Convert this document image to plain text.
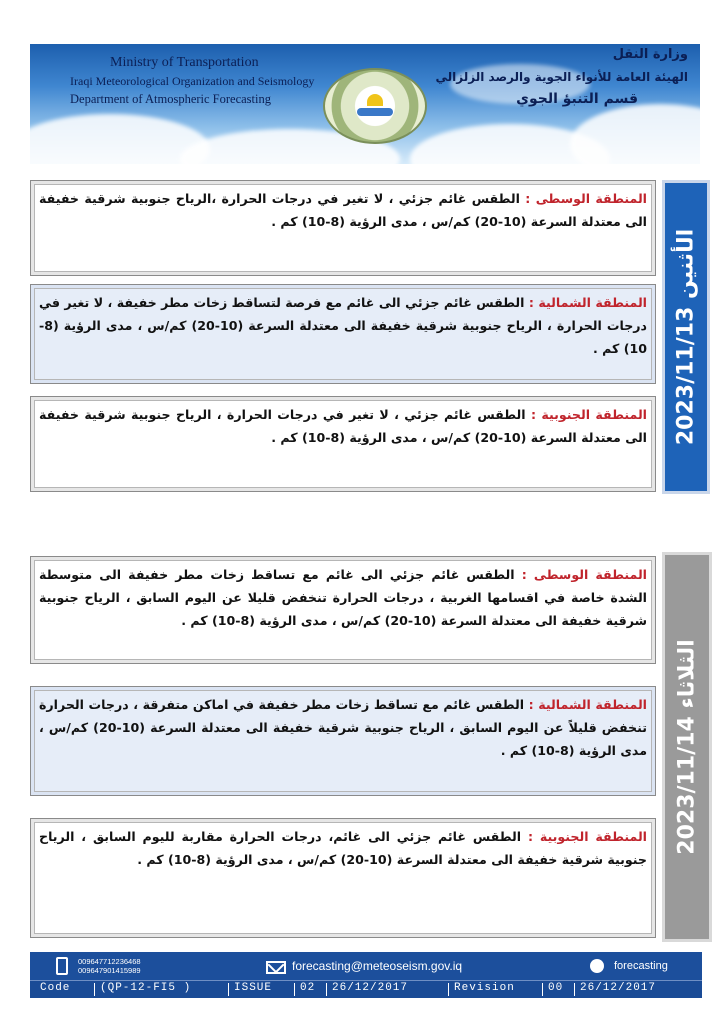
Ministry of Transportation
Iraqi Meteorological Organization and Seismology
Department of Atmospheric Forecasting
وزارة النقل
الهيئة العامة للأنواء الجوية والرصد الزلزالي
قسم التنبؤ الجوي
المنطقة الوسطى : الطقس غائم جزئي ، لا تغير في درجات الحرارة ،الرياح جنوبية شرقية خفيفة الى معتدلة السرعة (10-20) كم/س ، مدى الرؤية (8-10) كم .
المنطقة الشمالية : الطقس غائم جزئي الى غائم مع فرصة لتساقط زخات مطر خفيفة ، لا تغير في درجات الحرارة ، الرياح جنوبية شرقية خفيفة الى معتدلة السرعة (10-20) كم/س ، مدى الرؤية (8-10) كم .
المنطقة الجنوبية : الطقس غائم جزئي ، لا تغير في درجات الحرارة ، الرياح جنوبية شرقية خفيفة الى معتدلة السرعة (10-20) كم/س ، مدى الرؤية (8-10) كم . الأثنين 2023/11/13
المنطقة الوسطى : الطقس غائم جزئي الى غائم مع تساقط زخات مطر خفيفة الى متوسطة الشدة خاصة في اقسامها الغربية ، درجات الحرارة تنخفض قليلا عن اليوم السابق ، الرياح جنوبية شرقية خفيفة الى معتدلة السرعة (10-20) كم/س ، مدى الرؤية (8-10) كم .
المنطقة الشمالية : الطقس غائم مع تساقط زخات مطر خفيفة في اماكن متفرقة ، درجات الحرارة تنخفض قليلاً عن اليوم السابق ، الرياح جنوبية شرقية خفيفة الى معتدلة السرعة (10-20) كم/س ، مدى الرؤية (8-10) كم .
المنطقة الجنوبية : الطقس غائم جزئي الى غائم، درجات الحرارة مقاربة لليوم السابق ، الرياح جنوبية شرقية خفيفة الى معتدلة السرعة (10-20) كم/س ، مدى الرؤية (8-10) كم .
الثلاثاء 2023/11/14
009647712236468
009647901415989	forecasting@meteoseism.gov.iq	S	forecasting
Code	(QP-12-FI5 )	ISSUE	02 26/12/2017	Revision	00 26/12/2017
